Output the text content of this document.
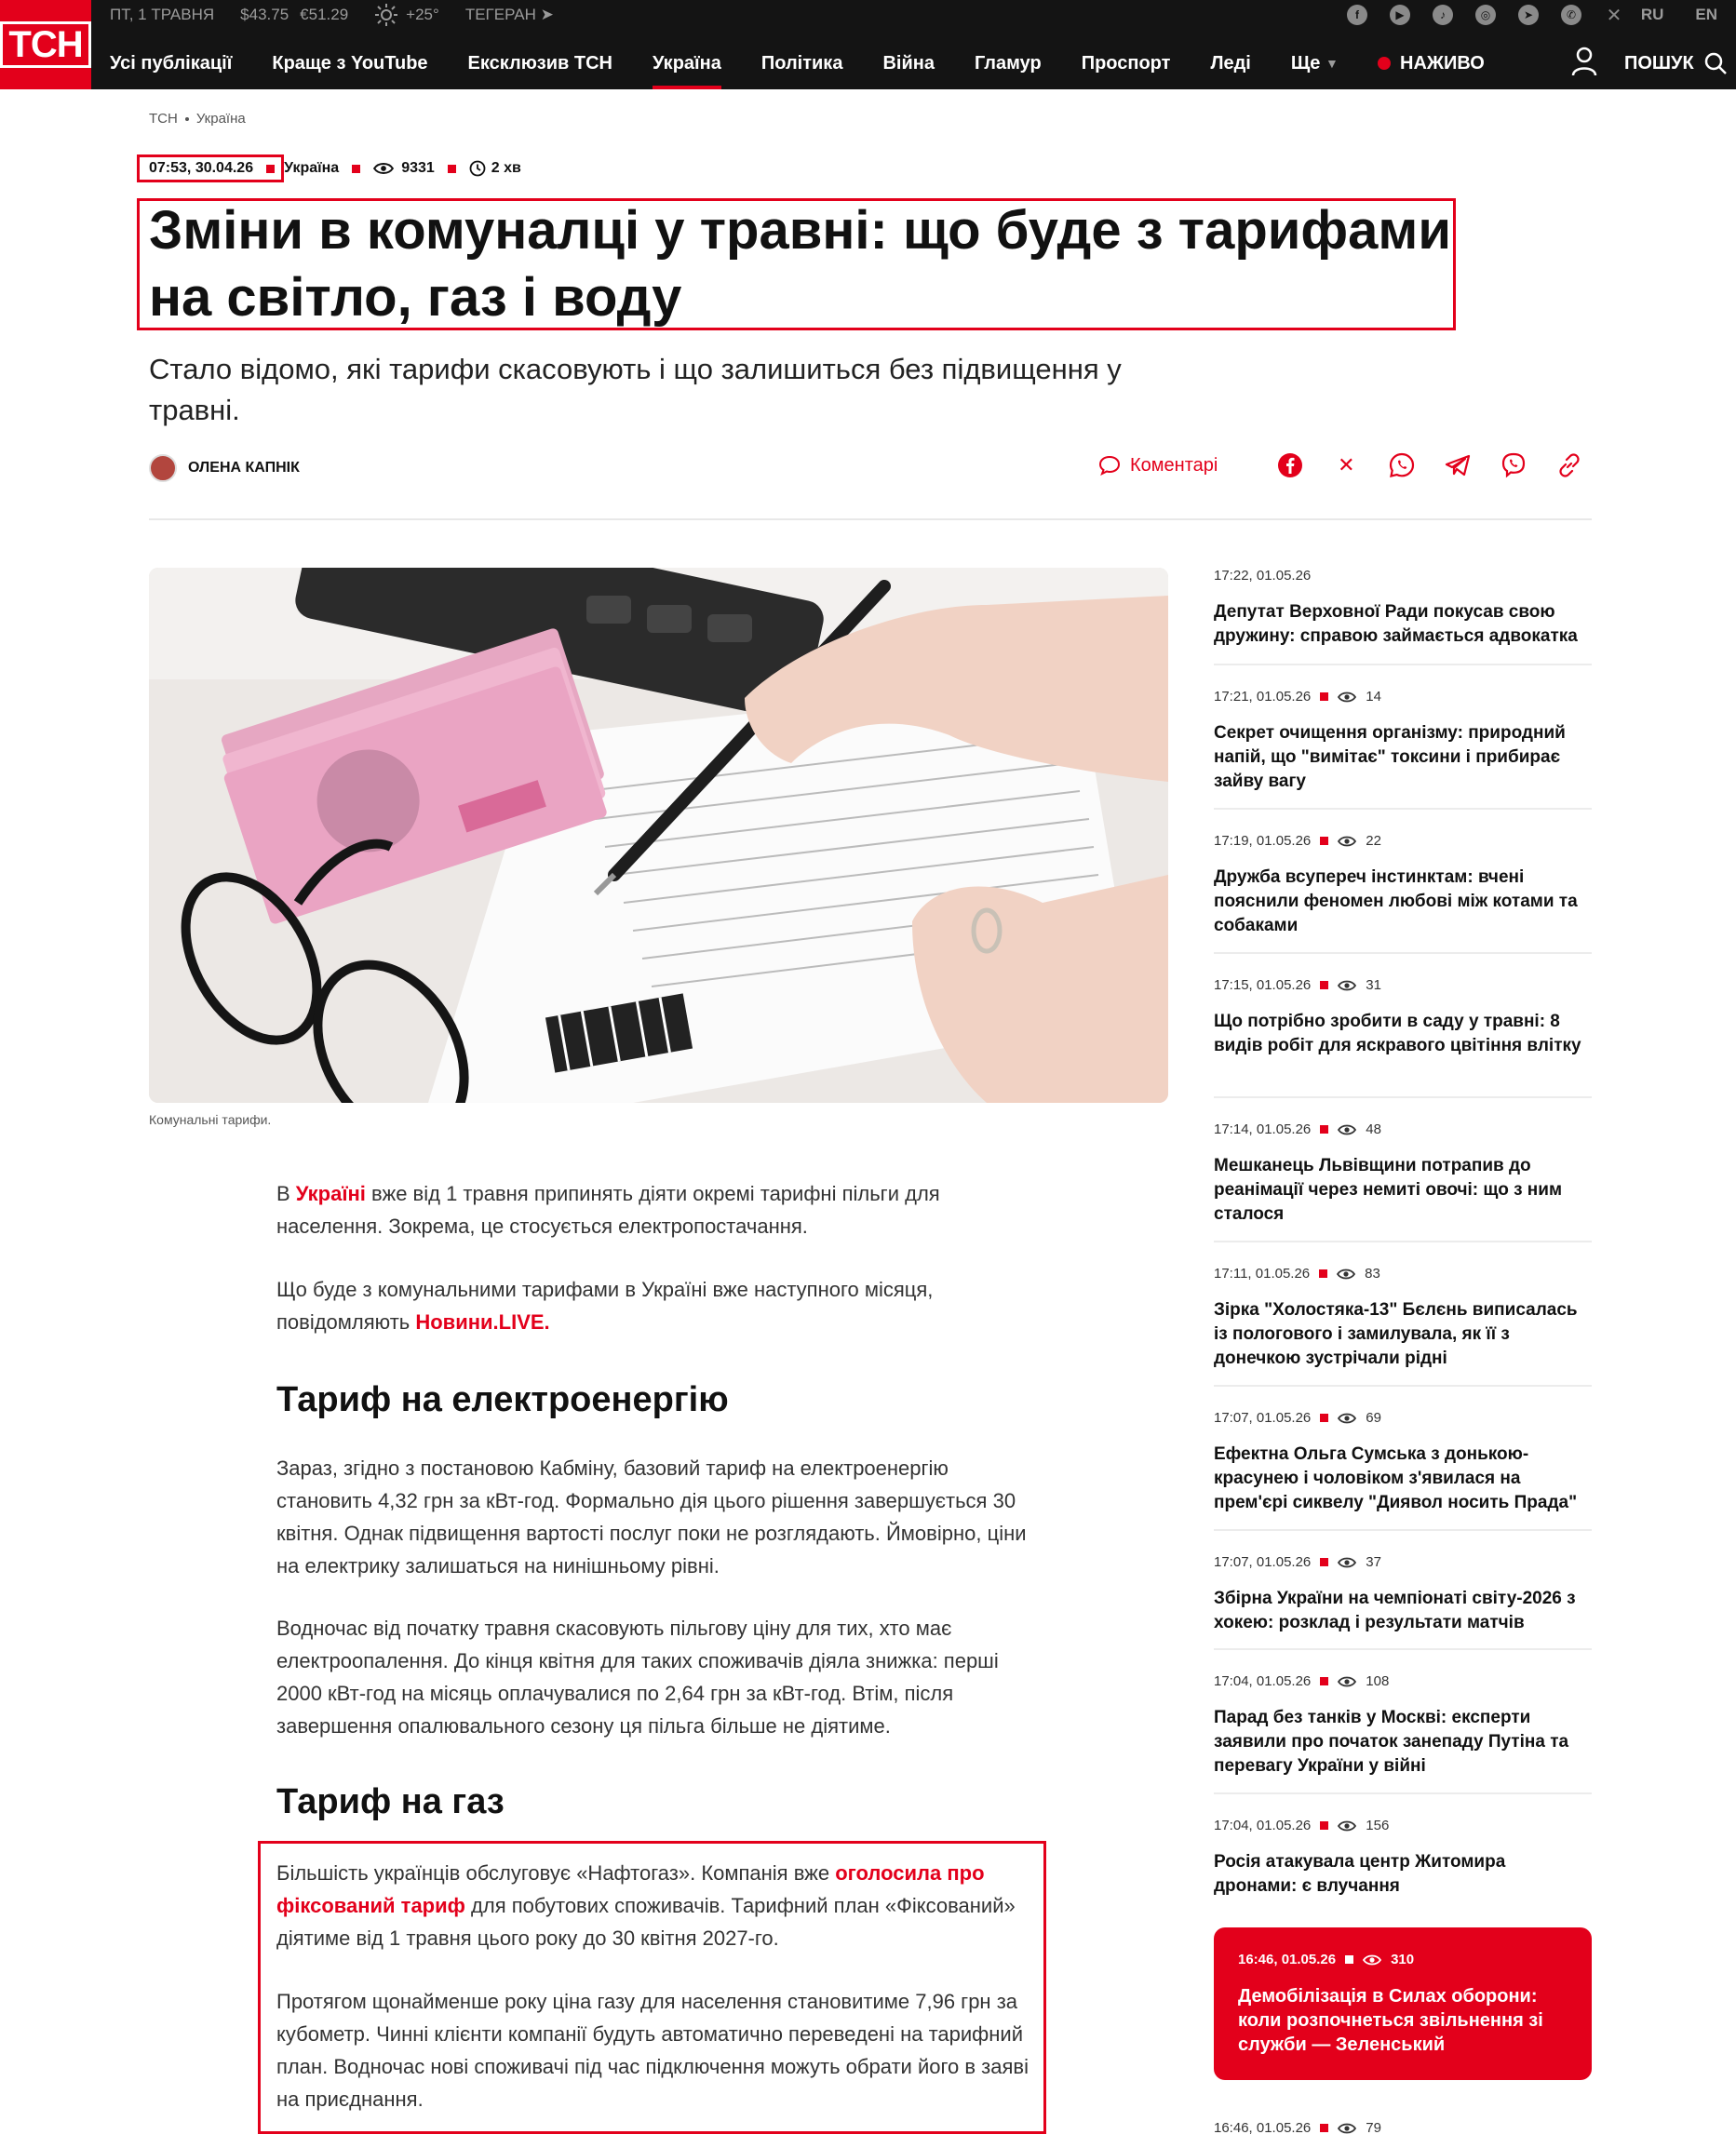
ТСН
ПТ, 1 ТРАВНЯ $43.75 €51.29	+25° ТЕГЕРАН ➤	f	▶	♪	◎	➤	✆ ✕ RU EN
Усі публікації Краще з YouTube Ексклюзив ТСН Україна Політика Війна Гламур Проспорт Леді Ще
▼	НАЖИВО	ПОШУК
ТСН Україна
07:53, 30.04.26 Україна	9331	2 хв
Зміни в комуналці у травні: що буде з тарифами на світло, газ і воду

Стало відомо, які тарифи скасовують і що залишиться без підвищення у травні.

ОЛЕНА КАПНІК	Коментарі	✕
Комунальні тарифи.

В Україні вже від 1 травня припинять діяти окремі тарифні пільги для населення. Зокрема, це стосується електропостачання.

Що буде з комунальними тарифами в Україні вже наступного місяця, повідомляють Новини.LIVE.

Тариф на електроенергію

Зараз, згідно з постановою Кабміну, базовий тариф на електроенергію становить 4,32 грн за кВт-год. Формально дія цього рішення завершується 30 квітня. Однак підвищення вартості послуг поки не розглядають. Ймовірно, ціни на електрику залишаться на нинішньому рівні.

Водночас від початку травня скасовують пільгову ціну для тих, хто має електроопалення. До кінця квітня для таких споживачів діяла знижка: перші 2000 кВт-год на місяць оплачувалися по 2,64 грн за кВт-год. Втім, після завершення опалювального сезону ця пільга більше не діятиме.

Тариф на газ

Більшість українців обслуговує «Нафтогаз». Компанія вже оголосила про фіксований тариф для побутових споживачів. Тарифний план «Фіксований» діятиме від 1 травня цього року до 30 квітня 2027-го.

Протягом щонайменше року ціна газу для населення становитиме 7,96 грн за кубометр. Чинні клієнти компанії будуть автоматично переведені на тарифний план. Водночас нові споживачі під час підключення можуть обрати його в заяві на приєднання.

17:22, 01.05.26
Депутат Верховної Ради покусав свою дружину: справою займається адвокатка
17:21, 01.05.26	14
Секрет очищення організму: природний напій, що "вимітає" токсини і прибирає зайву вагу
17:19, 01.05.26	22
Дружба всупереч інстинктам: вчені пояснили феномен любові між котами та собаками
17:15, 01.05.26	31
Що потрібно зробити в саду у травні: 8 видів робіт для яскравого цвітіння влітку
17:14, 01.05.26	48
Мешканець Львівщини потрапив до реанімації через немиті овочі: що з ним сталося
17:11, 01.05.26	83
Зірка "Холостяка-13" Бєлєнь виписалась із пологового і замилувала, як її з донечкою зустрічали рідні
17:07, 01.05.26	69
Ефектна Ольга Сумська з донькою-красунею і чоловіком з'явилася на прем'єрі сиквелу "Диявол носить Прада"
17:07, 01.05.26	37
Збірна України на чемпіонаті світу-2026 з хокею: розклад і результати матчів
17:04, 01.05.26	108
Парад без танків у Москві: експерти заявили про початок занепаду Путіна та перевагу України у війні
17:04, 01.05.26	156
Росія атакувала центр Житомира дронами: є влучання
16:46, 01.05.26	310
Демобілізація в Силах оборони: коли розпочнеться звільнення зі служби — Зеленський
16:46, 01.05.26	79
